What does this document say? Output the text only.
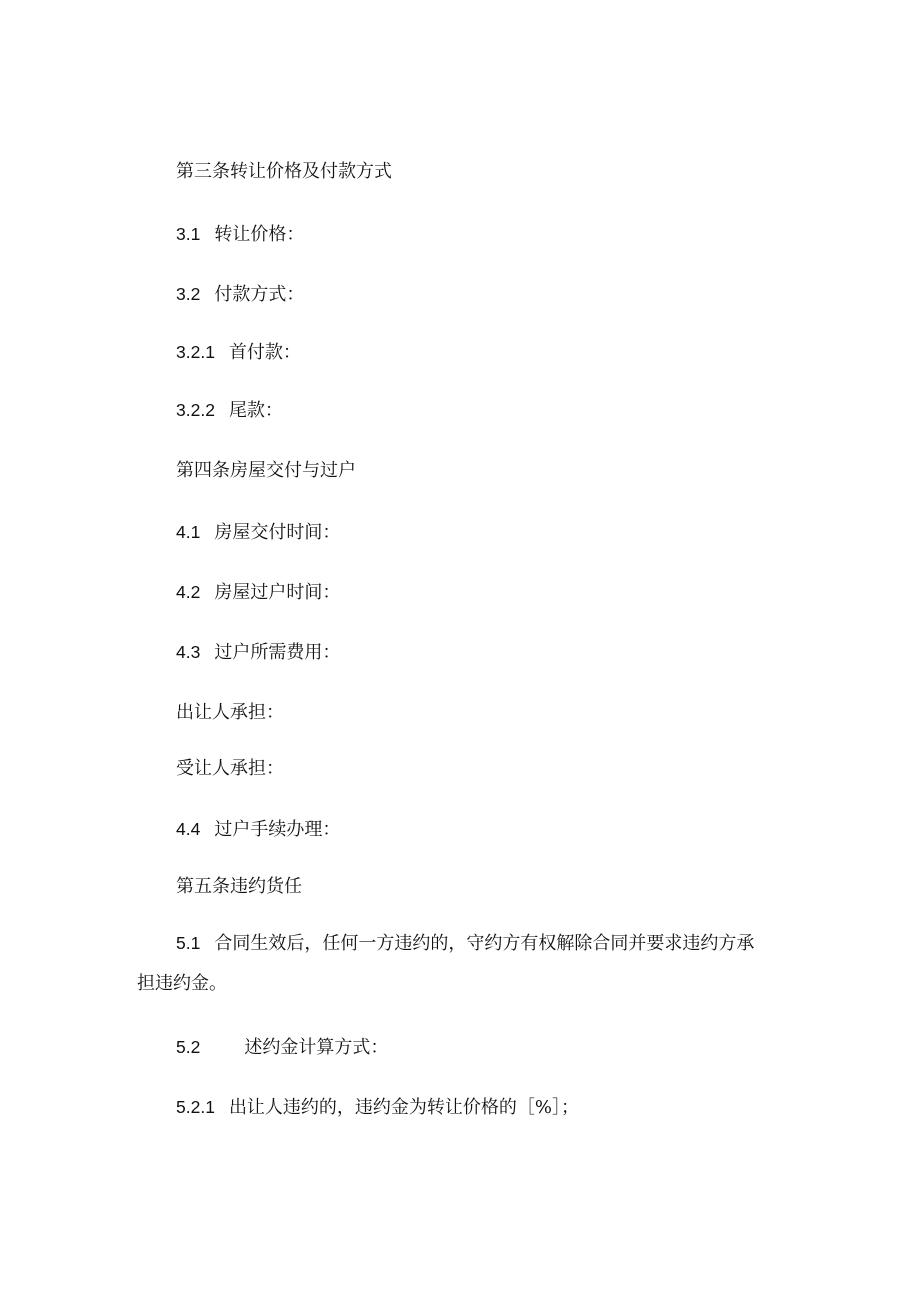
第三条转让价格及付款方式
3.1 转让价格：
3.2 付款方式：
3.2.1 首付款：
3.2.2 尾款：
第四条房屋交付与过户
4.1 房屋交付时间：
4.2 房屋过户时间：
4.3 过户所需费用：
出让人承担：
受让人承担：
4.4 过户手续办理：
第五条违约货任
5.1 合同生效后，任何一方违约的，守约方有权解除合同并要求违约方承
担违约金。
5.2 述约金计算方式：
5.2.1 出让人违约的，违约金为转让价格的［%］；
